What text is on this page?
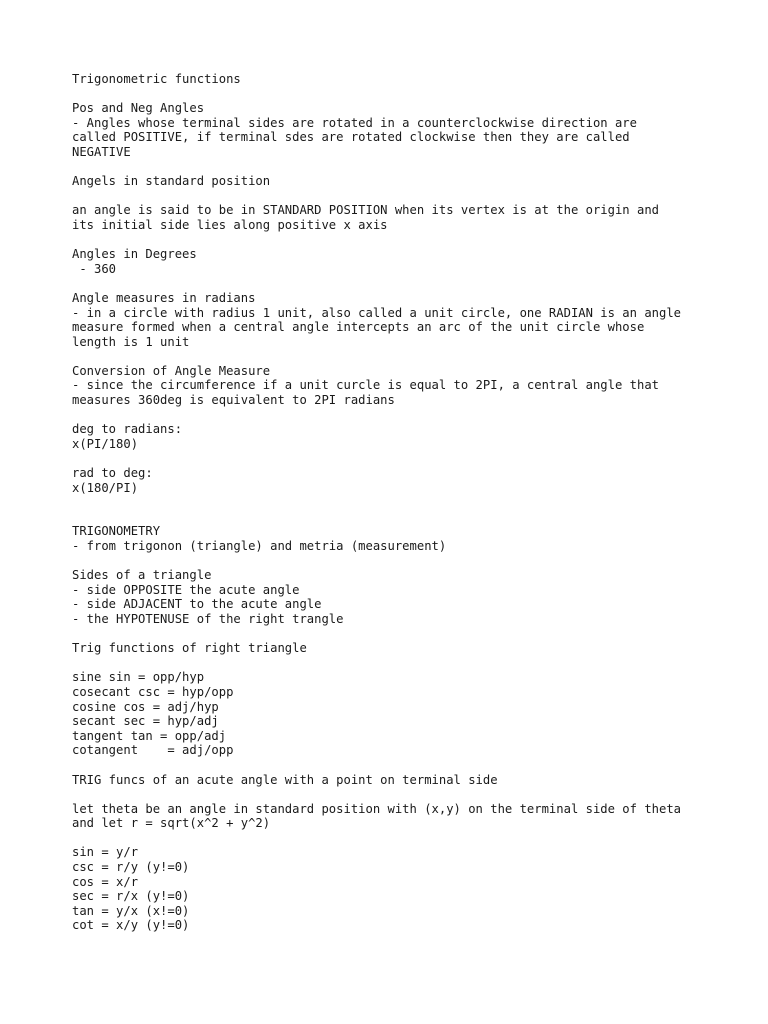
Trigonometric functions

Pos and Neg Angles
- Angles whose terminal sides are rotated in a counterclockwise direction are
called POSITIVE, if terminal sdes are rotated clockwise then they are called
NEGATIVE

Angels in standard position

an angle is said to be in STANDARD POSITION when its vertex is at the origin and
its initial side lies along positive x axis

Angles in Degrees
- 360

Angle measures in radians
- in a circle with radius 1 unit, also called a unit circle, one RADIAN is an angle
measure formed when a central angle intercepts an arc of the unit circle whose
length is 1 unit

Conversion of Angle Measure
- since the circumference if a unit curcle is equal to 2PI, a central angle that
measures 360deg is equivalent to 2PI radians

deg to radians:
x(PI/180)

rad to deg:
x(180/PI)

TRIGONOMETRY
- from trigonon (triangle) and metria (measurement)

Sides of a triangle
- side OPPOSITE the acute angle
- side ADJACENT to the acute angle
- the HYPOTENUSE of the right trangle

Trig functions of right triangle

sine sin = opp/hyp
cosecant csc = hyp/opp
cosine cos = adj/hyp
secant sec = hyp/adj
tangent tan = opp/adj
cotangent    = adj/opp

TRIG funcs of an acute angle with a point on terminal side

let theta be an angle in standard position with (x,y) on the terminal side of theta
and let r = sqrt(x^2 + y^2)

sin = y/r
csc = r/y (y!=0)
cos = x/r
sec = r/x (y!=0)
tan = y/x (x!=0)
cot = x/y (y!=0)
